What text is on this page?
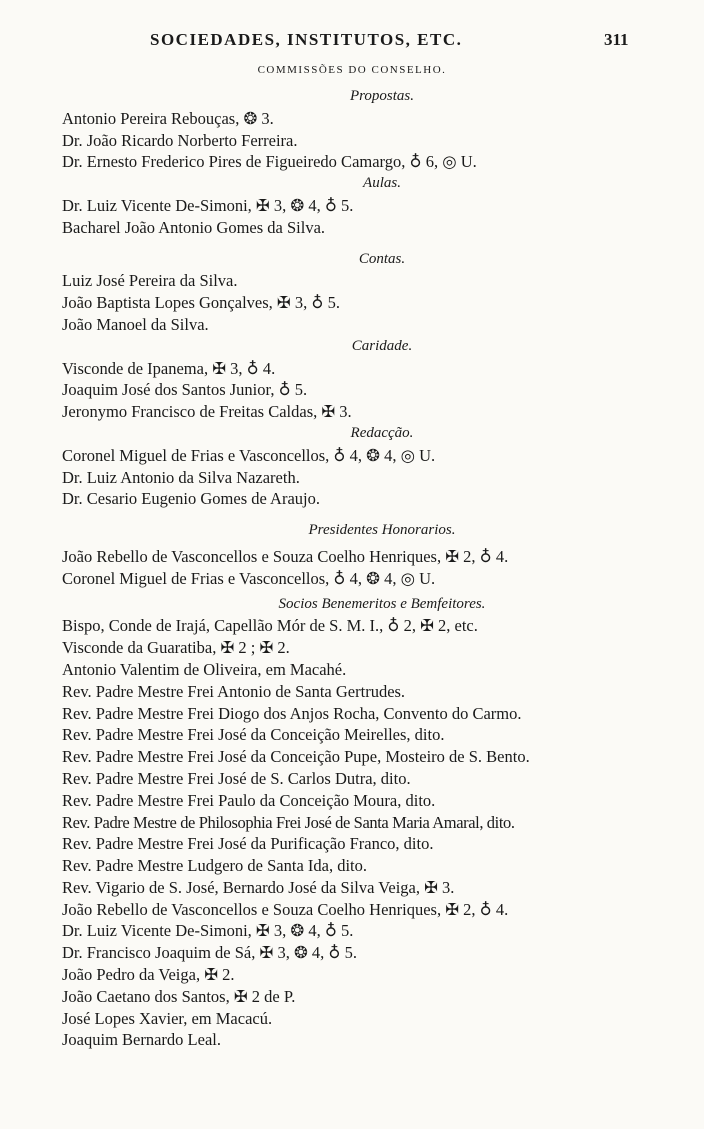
SOCIEDADES, INSTITUTOS, ETC.	311
COMMISSÕES DO CONSELHO.
Propostas.
Antonio Pereira Rebouças, ❂ 3.
Dr. João Ricardo Norberto Ferreira.
Dr. Ernesto Frederico Pires de Figueiredo Camargo, ♁ 6, ◎ U.
Aulas.
Dr. Luiz Vicente De-Simoni, ✠ 3, ❂ 4, ♁ 5.
Bacharel João Antonio Gomes da Silva.
Contas.
Luiz José Pereira da Silva.
João Baptista Lopes Gonçalves, ✠ 3, ♁ 5.
João Manoel da Silva.
Caridade.
Visconde de Ipanema, ✠ 3, ♁ 4.
Joaquim José dos Santos Junior, ♁ 5.
Jeronymo Francisco de Freitas Caldas, ✠ 3.
Redacção.
Coronel Miguel de Frias e Vasconcellos, ♁ 4, ❂ 4, ◎ U.
Dr. Luiz Antonio da Silva Nazareth.
Dr. Cesario Eugenio Gomes de Araujo.
Presidentes Honorarios.
João Rebello de Vasconcellos e Souza Coelho Henriques, ✠ 2, ♁ 4.
Coronel Miguel de Frias e Vasconcellos, ♁ 4, ❂ 4, ◎ U.
Socios Benemeritos e Bemfeitores.
Bispo, Conde de Irajá, Capellão Mór de S. M. I., ♁ 2, ✠ 2, etc.
Visconde da Guaratiba, ✠ 2 ; ✠ 2.
Antonio Valentim de Oliveira, em Macahé.
Rev. Padre Mestre Frei Antonio de Santa Gertrudes.
Rev. Padre Mestre Frei Diogo dos Anjos Rocha, Convento do Carmo.
Rev. Padre Mestre Frei José da Conceição Meirelles, dito.
Rev. Padre Mestre Frei José da Conceição Pupe, Mosteiro de S. Bento.
Rev. Padre Mestre Frei José de S. Carlos Dutra, dito.
Rev. Padre Mestre Frei Paulo da Conceição Moura, dito.
Rev. Padre Mestre de Philosophia Frei José de Santa Maria Amaral, dito.
Rev. Padre Mestre Frei José da Purificação Franco, dito.
Rev. Padre Mestre Ludgero de Santa Ida, dito.
Rev. Vigario de S. José, Bernardo José da Silva Veiga, ✠ 3.
João Rebello de Vasconcellos e Souza Coelho Henriques, ✠ 2, ♁ 4.
Dr. Luiz Vicente De-Simoni, ✠ 3, ❂ 4, ♁ 5.
Dr. Francisco Joaquim de Sá, ✠ 3, ❂ 4, ♁ 5.
João Pedro da Veiga, ✠ 2.
João Caetano dos Santos, ✠ 2 de P.
José Lopes Xavier, em Macacú.
Joaquim Bernardo Leal.
